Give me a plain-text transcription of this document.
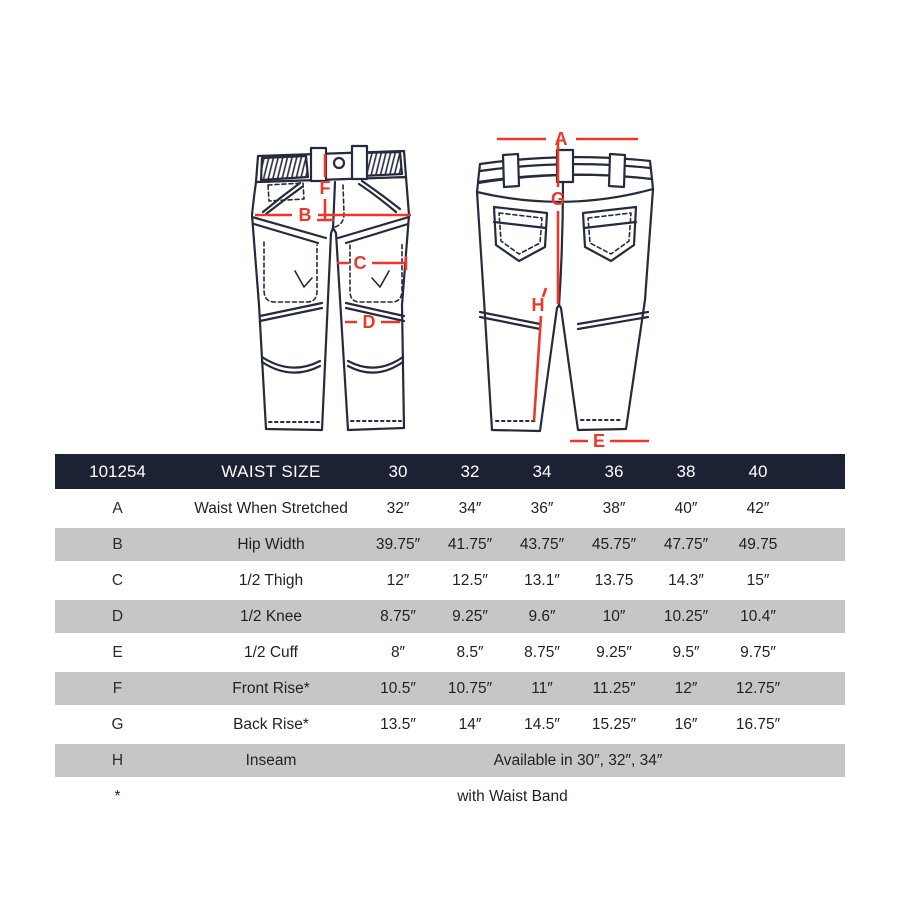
F
B
C
D
A
G
H
E
101254	WAIST SIZE	30	32	34	36	38	40	
A	Waist When Stretched	32″	34″	36″	38″	40″	42″	
B	Hip Width	39.75″	41.75″	43.75″	45.75″	47.75″	49.75	
C	1/2 Thigh	12″	12.5″	13.1″	13.75	14.3″	15″	
D	1/2 Knee	8.75″	9.25″	9.6″	10″	10.25″	10.4″	
E	1/2 Cuff	8″	8.5″	8.75″	9.25″	9.5″	9.75″	
F	Front Rise*	10.5″	10.75″	11″	11.25″	12″	12.75″	
G	Back Rise*	13.5″	14″	14.5″	15.25″	16″	16.75″	
H	Inseam	Available in 30″, 32″, 34″						
*	with Waist Band							
